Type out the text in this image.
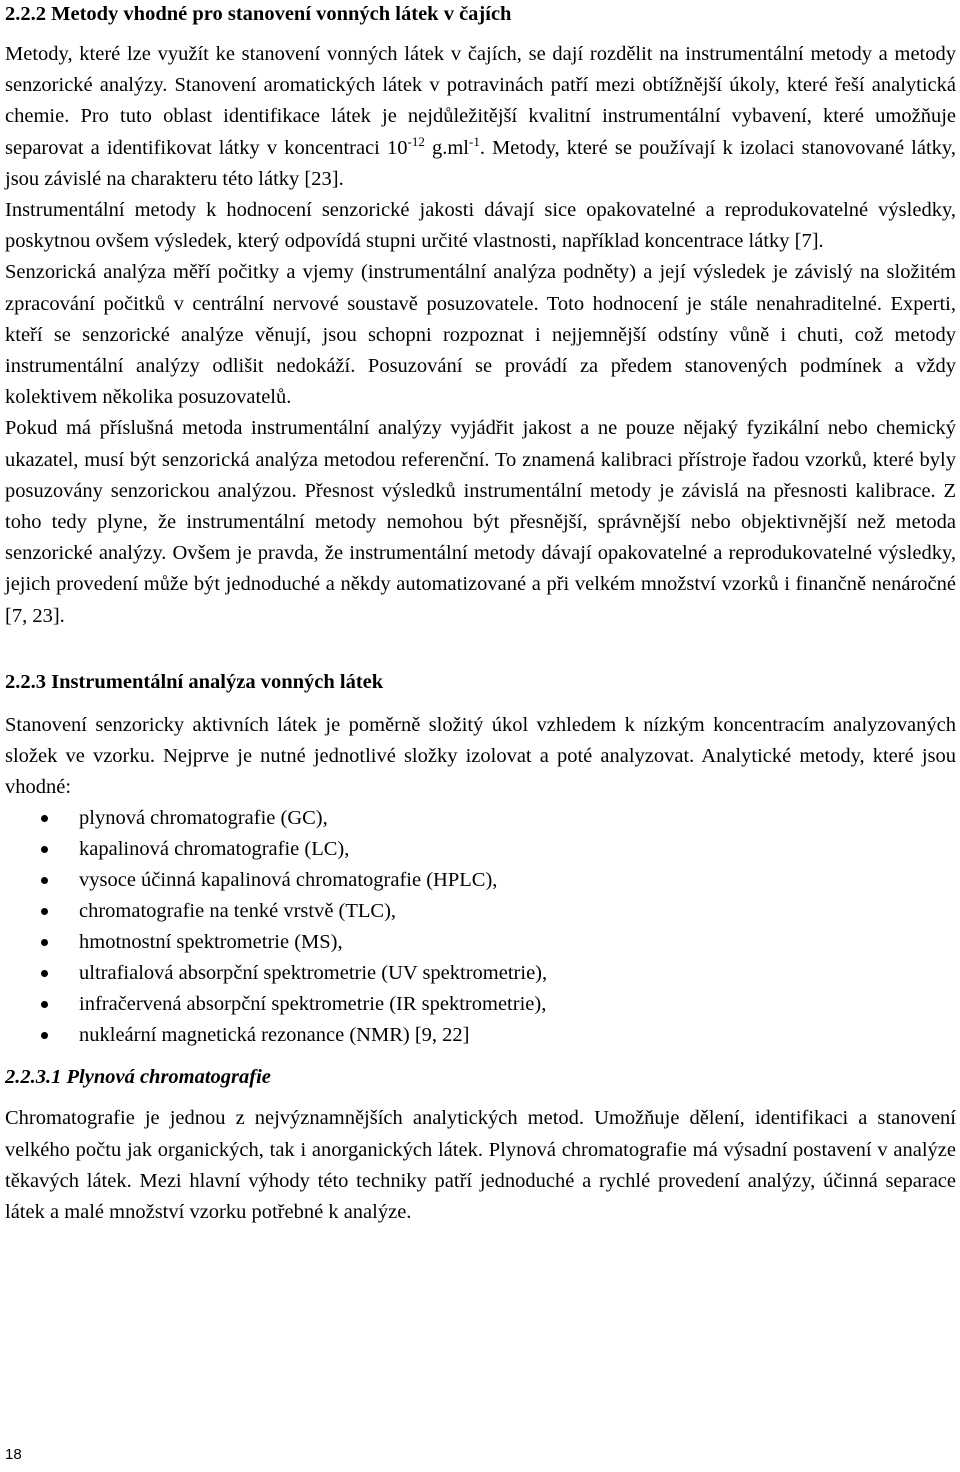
2.2.2 Metody vhodné pro stanovení vonných látek v čajích

Metody, které lze využít ke stanovení vonných látek v čajích, se dají rozdělit na instrumentální metody a metody senzorické analýzy. Stanovení aromatických látek v potravinách patří mezi obtížnější úkoly, které řeší analytická chemie. Pro tuto oblast identifikace látek je nejdůležitější kvalitní instrumentální vybavení, které umožňuje separovat a identifikovat látky v koncentraci $10^{-12}$ $g.ml^{-1}$. Metody, které se používají k izolaci stanovované látky, jsou závislé na charakteru této látky [23].

Instrumentální metody k hodnocení senzorické jakosti dávají sice opakovatelné a reprodukovatelné výsledky, poskytnou ovšem výsledek, který odpovídá stupni určité vlastnosti, například koncentrace látky [7].

Senzorická analýza měří počitky a vjemy (instrumentální analýza podněty) a její výsledek je závislý na složitém zpracování počitků v centrální nervové soustavě posuzovatele. Toto hodnocení je stále nenahraditelné. Experti, kteří se senzorické analýze věnují, jsou schopni rozpoznat i nejjemnější odstíny vůně i chuti, což metody instrumentální analýzy odlišit nedokáží. Posuzování se provádí za předem stanovených podmínek a vždy kolektivem několika posuzovatelů.

Pokud má příslušná metoda instrumentální analýzy vyjádřit jakost a ne pouze nějaký fyzikální nebo chemický ukazatel, musí být senzorická analýza metodou referenční. To znamená kalibraci přístroje řadou vzorků, které byly posuzovány senzorickou analýzou. Přesnost výsledků instrumentální metody je závislá na přesnosti kalibrace. Z toho tedy plyne, že instrumentální metody nemohou být přesnější, správnější nebo objektivnější než metoda senzorické analýzy. Ovšem je pravda, že instrumentální metody dávají opakovatelné a reprodukovatelné výsledky, jejich provedení může být jednoduché a někdy automatizované a při velkém množství vzorků i finančně nenáročné [7, 23].

2.2.3 Instrumentální analýza vonných látek

Stanovení senzoricky aktivních látek je poměrně složitý úkol vzhledem k nízkým koncentracím analyzovaných složek ve vzorku. Nejprve je nutné jednotlivé složky izolovat a poté analyzovat. Analytické metody, které jsou vhodné:

plynová chromatografie (GC),
kapalinová chromatografie (LC),
vysoce účinná kapalinová chromatografie (HPLC),
chromatografie na tenké vrstvě (TLC),
hmotnostní spektrometrie (MS),
ultrafialová absorpční spektrometrie (UV spektrometrie),
infračervená absorpční spektrometrie (IR spektrometrie),
nukleární magnetická rezonance (NMR) [9, 22]
2.2.3.1 Plynová chromatografie

Chromatografie je jednou z nejvýznamnějších analytických metod. Umožňuje dělení, identifikaci a stanovení velkého počtu jak organických, tak i anorganických látek. Plynová chromatografie má výsadní postavení v analýze těkavých látek. Mezi hlavní výhody této techniky patří jednoduché a rychlé provedení analýzy, účinná separace látek a malé množství vzorku potřebné k analýze.

18
